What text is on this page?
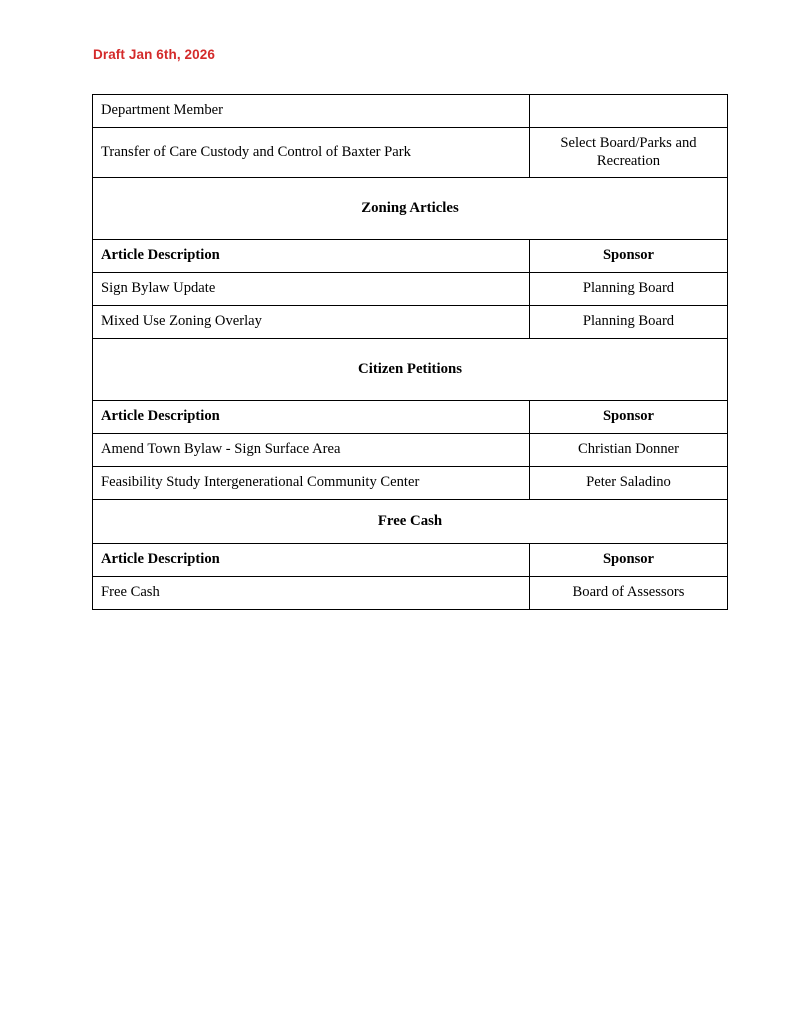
Draft Jan 6th, 2026
Department Member	
Transfer of Care Custody and Control of Baxter Park	Select Board/Parks and Recreation
Zoning Articles	
Article Description	Sponsor
Sign Bylaw Update	Planning Board
Mixed Use Zoning Overlay	Planning Board
Citizen Petitions	
Article Description	Sponsor
Amend Town Bylaw - Sign Surface Area	Christian Donner
Feasibility Study Intergenerational Community Center	Peter Saladino
Free Cash	
Article Description	Sponsor
Free Cash	Board of Assessors
